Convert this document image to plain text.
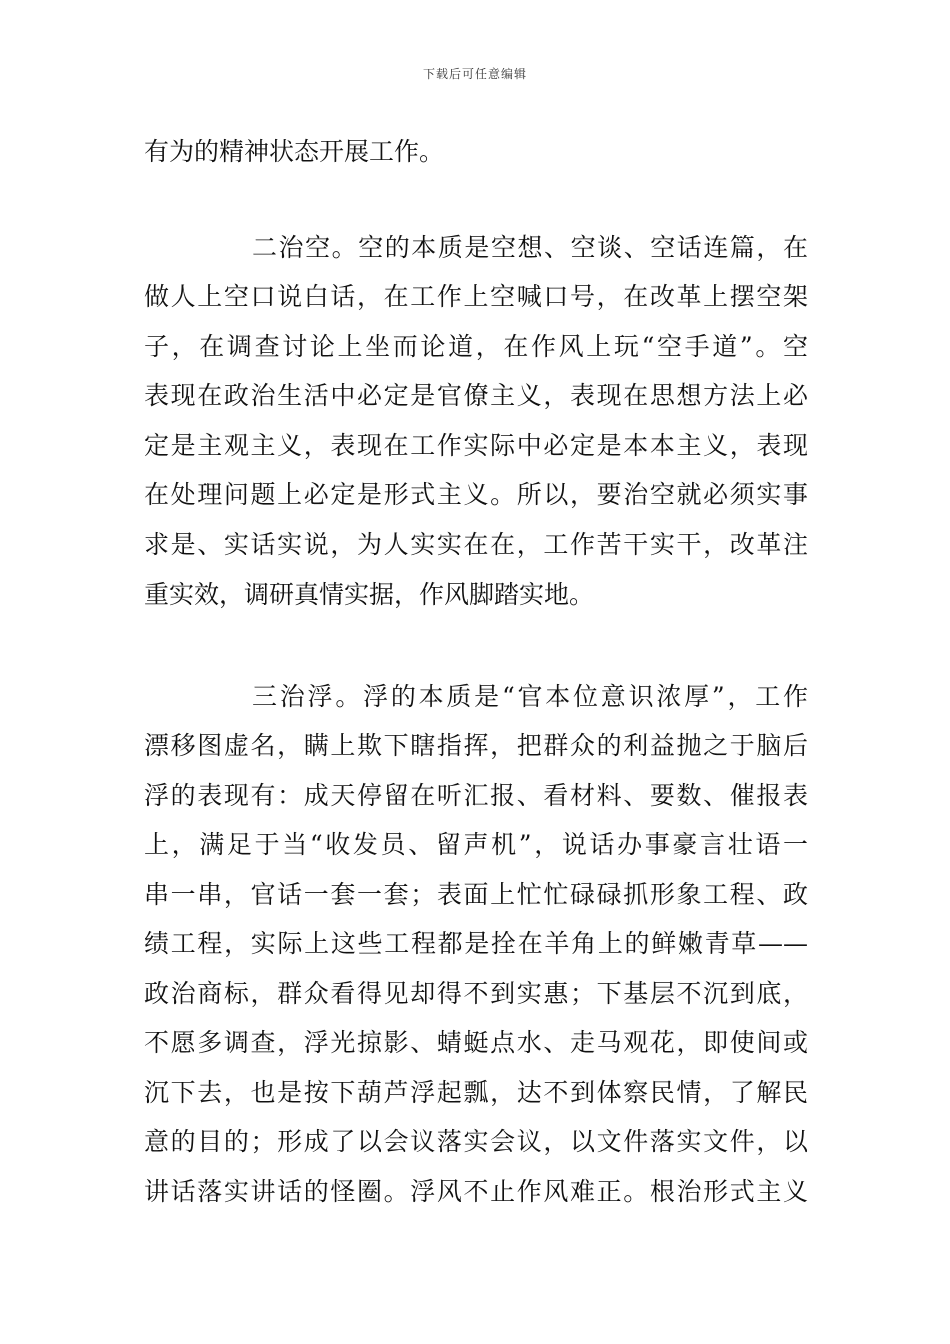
下载后可任意编辑
有为的精神状态开展工作。
二治空。空的本质是空想、空谈、空话连篇，在
做人上空口说白话，在工作上空喊口号，在改革上摆空架
子，在调查讨论上坐而论道，在作风上玩“空手道”。空
表现在政治生活中必定是官僚主义，表现在思想方法上必
定是主观主义，表现在工作实际中必定是本本主义，表现
在处理问题上必定是形式主义。所以，要治空就必须实事
求是、实话实说，为人实实在在，工作苦干实干，改革注
重实效，调研真情实据，作风脚踏实地。
三治浮。浮的本质是“官本位意识浓厚”，工作
漂移图虚名，瞒上欺下瞎指挥，把群众的利益抛之于脑后
浮的表现有：成天停留在听汇报、看材料、要数、催报表
上，满足于当“收发员、留声机”，说话办事豪言壮语一
串一串，官话一套一套；表面上忙忙碌碌抓形象工程、政
绩工程，实际上这些工程都是拴在羊角上的鲜嫩青草——
政治商标，群众看得见却得不到实惠；下基层不沉到底，
不愿多调查，浮光掠影、蜻蜓点水、走马观花，即使间或
沉下去，也是按下葫芦浮起瓢，达不到体察民情，了解民
意的目的；形成了以会议落实会议，以文件落实文件，以
讲话落实讲话的怪圈。浮风不止作风难正。根治形式主义
